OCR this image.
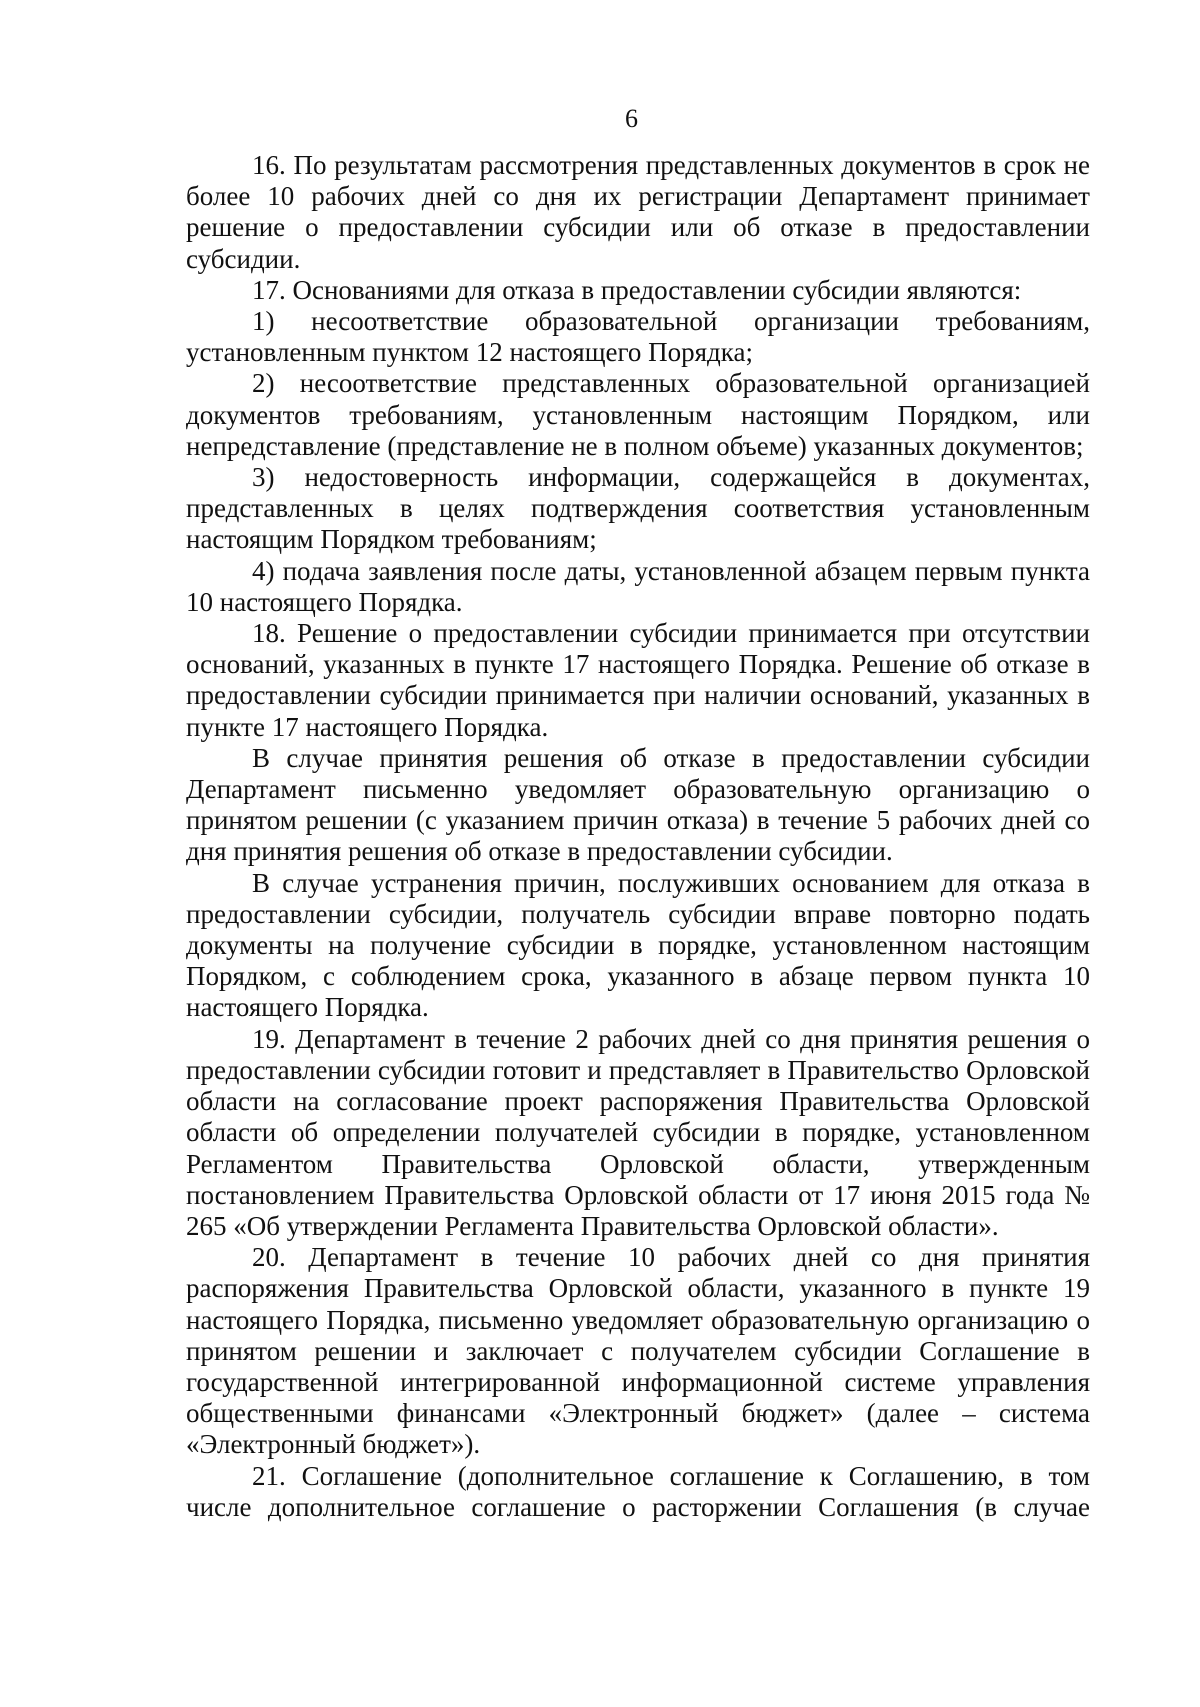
6

16. По результатам рассмотрения представленных документов в срок не более 10 рабочих дней со дня их регистрации Департамент принимает решение о предоставлении субсидии или об отказе в предоставлении субсидии.

17. Основаниями для отказа в предоставлении субсидии являются:

1) несоответствие образовательной организации требованиям, установленным пунктом 12 настоящего Порядка;

2) несоответствие представленных образовательной организацией документов требованиям, установленным настоящим Порядком, или непредставление (представление не в полном объеме) указанных документов;

3) недостоверность информации, содержащейся в документах, представленных в целях подтверждения соответствия установленным настоящим Порядком требованиям;

4) подача заявления после даты, установленной абзацем первым пункта 10 настоящего Порядка.

18. Решение о предоставлении субсидии принимается при отсутствии оснований, указанных в пункте 17 настоящего Порядка. Решение об отказе в предоставлении субсидии принимается при наличии оснований, указанных в пункте 17 настоящего Порядка.

В случае принятия решения об отказе в предоставлении субсидии Департамент письменно уведомляет образовательную организацию о принятом решении (с указанием причин отказа) в течение 5 рабочих дней со дня принятия решения об отказе в предоставлении субсидии.

В случае устранения причин, послуживших основанием для отказа в предоставлении субсидии, получатель субсидии вправе повторно подать документы на получение субсидии в порядке, установленном настоящим Порядком, с соблюдением срока, указанного в абзаце первом пункта 10 настоящего Порядка.

19. Департамент в течение 2 рабочих дней со дня принятия решения о предоставлении субсидии готовит и представляет в Правительство Орловской области на согласование проект распоряжения Правительства Орловской области об определении получателей субсидии в порядке, установленном Регламентом Правительства Орловской области, утвержденным постановлением Правительства Орловской области от 17 июня 2015 года № 265 «Об утверждении Регламента Правительства Орловской области».

20. Департамент в течение 10 рабочих дней со дня принятия распоряжения Правительства Орловской области, указанного в пункте 19 настоящего Порядка, письменно уведомляет образовательную организацию о принятом решении и заключает с получателем субсидии Соглашение в государственной интегрированной информационной системе управления общественными финансами «Электронный бюджет» (далее – система «Электронный бюджет»).

21. Соглашение (дополнительное соглашение к Соглашению, в том числе дополнительное соглашение о расторжении Соглашения (в случае
